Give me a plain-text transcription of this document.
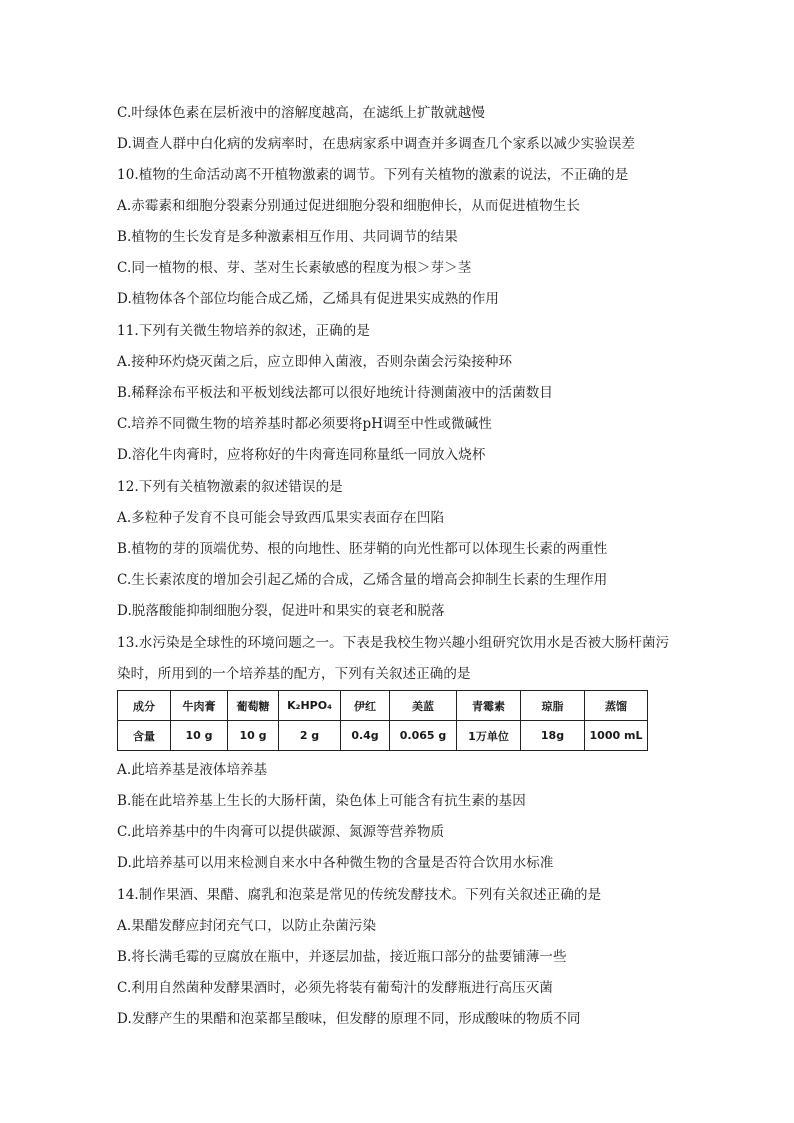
C.叶绿体色素在层析液中的溶解度越高，在滤纸上扩散就越慢
D.调查人群中白化病的发病率时，在患病家系中调查并多调查几个家系以减少实验误差
10.植物的生命活动离不开植物激素的调节。下列有关植物的激素的说法，不正确的是
A.赤霉素和细胞分裂素分别通过促进细胞分裂和细胞伸长，从而促进植物生长
B.植物的生长发育是多种激素相互作用、共同调节的结果
C.同一植物的根、芽、茎对生长素敏感的程度为根＞芽＞茎
D.植物体各个部位均能合成乙烯，乙烯具有促进果实成熟的作用
11.下列有关微生物培养的叙述，正确的是
A.接种环灼烧灭菌之后，应立即伸入菌液，否则杂菌会污染接种环
B.稀释涂布平板法和平板划线法都可以很好地统计待测菌液中的活菌数目
C.培养不同微生物的培养基时都必须要将pH调至中性或微碱性
D.溶化牛肉膏时，应将称好的牛肉膏连同称量纸一同放入烧杯
12.下列有关植物激素的叙述错误的是
A.多粒种子发育不良可能会导致西瓜果实表面存在凹陷
B.植物的芽的顶端优势、根的向地性、胚芽鞘的向光性都可以体现生长素的两重性
C.生长素浓度的增加会引起乙烯的合成，乙烯含量的增高会抑制生长素的生理作用
D.脱落酸能抑制细胞分裂，促进叶和果实的衰老和脱落
13.水污染是全球性的环境问题之一。下表是我校生物兴趣小组研究饮用水是否被大肠杆菌污
染时，所用到的一个培养基的配方，下列有关叙述正确的是
成分	牛肉膏	葡萄糖	K₂HPO₄	伊红	美蓝	青霉素	琼脂	蒸馏
含量	10 g	10 g	2 g	0.4g	0.065 g	1万单位	18g	1000 mL
A.此培养基是液体培养基
B.能在此培养基上生长的大肠杆菌，染色体上可能含有抗生素的基因
C.此培养基中的牛肉膏可以提供碳源、氮源等营养物质
D.此培养基可以用来检测自来水中各种微生物的含量是否符合饮用水标准
14.制作果酒、果醋、腐乳和泡菜是常见的传统发酵技术。下列有关叙述正确的是
A.果醋发酵应封闭充气口，以防止杂菌污染
B.将长满毛霉的豆腐放在瓶中，并逐层加盐，接近瓶口部分的盐要铺薄一些
C.利用自然菌种发酵果酒时，必须先将装有葡萄汁的发酵瓶进行高压灭菌
D.发酵产生的果醋和泡菜都呈酸味，但发酵的原理不同，形成酸味的物质不同
